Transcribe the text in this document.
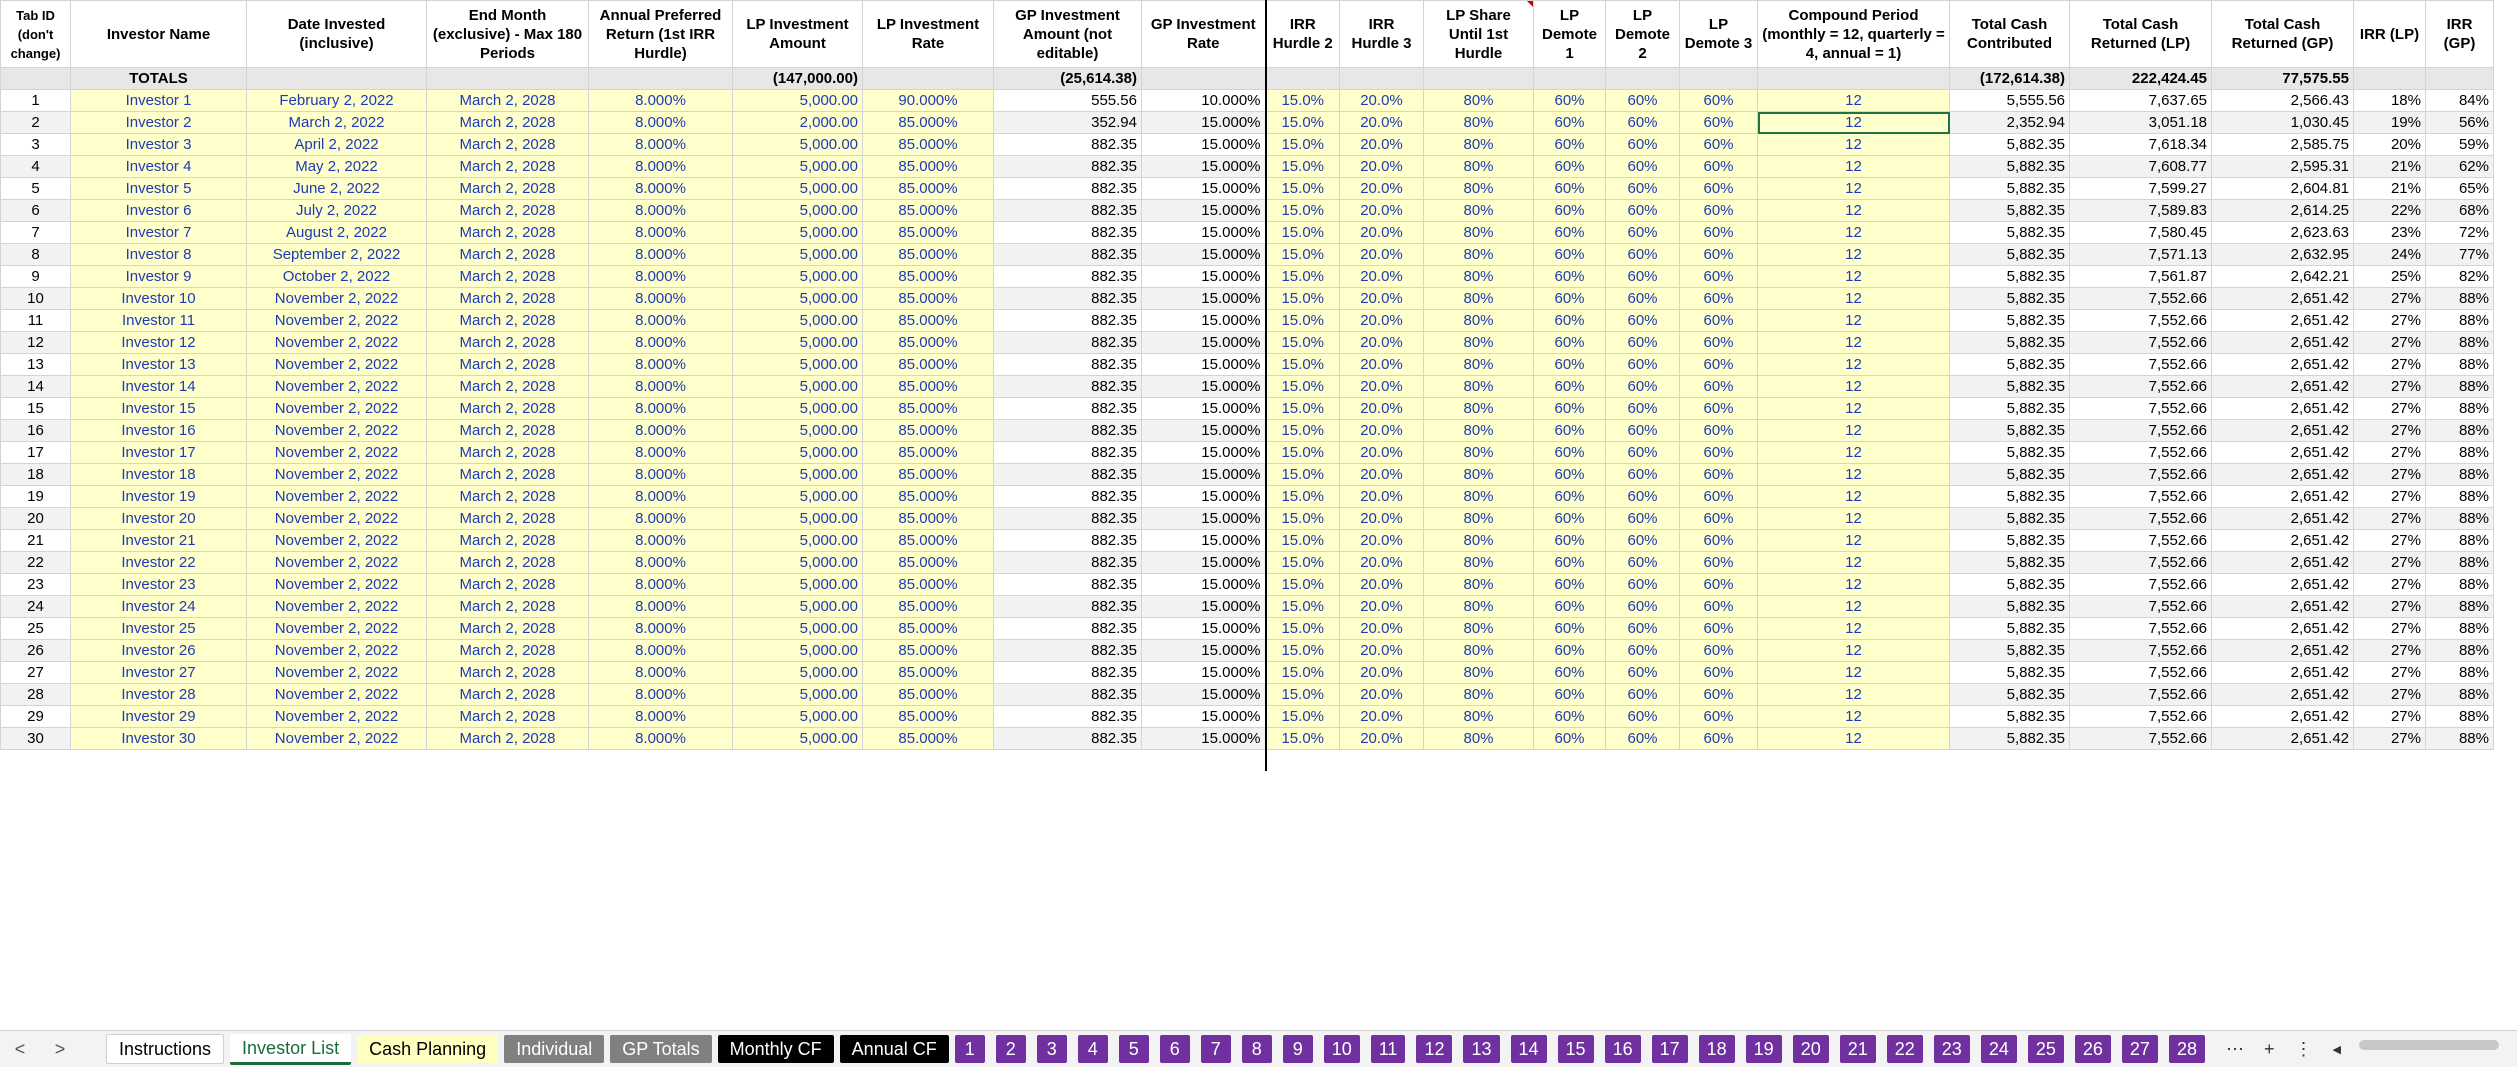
Tab ID (don't change)	Investor Name	Date Invested (inclusive)	End Month (exclusive) - Max 180 Periods	Annual Preferred Return (1st IRR Hurdle)	LP Investment Amount	LP Investment Rate	GP Investment Amount (not editable)	GP Investment Rate	IRR Hurdle 2	IRR Hurdle 3	LP Share Until 1st Hurdle	LP Demote 1	LP Demote 2	LP Demote 3	Compound Period (monthly = 12, quarterly = 4, annual = 1)	Total Cash Contributed	Total Cash Returned (LP)	Total Cash Returned (GP)	IRR (LP)	IRR (GP)
	TOTALS				(147,000.00)		(25,614.38)									(172,614.38)	222,424.45	77,575.55		
1	Investor 1	February 2, 2022	March 2, 2028	8.000%	5,000.00	90.000%	555.56	10.000%	15.0%	20.0%	80%	60%	60%	60%	12	5,555.56	7,637.65	2,566.43	18%	84%
2	Investor 2	March 2, 2022	March 2, 2028	8.000%	2,000.00	85.000%	352.94	15.000%	15.0%	20.0%	80%	60%	60%	60%	12	2,352.94	3,051.18	1,030.45	19%	56%
3	Investor 3	April 2, 2022	March 2, 2028	8.000%	5,000.00	85.000%	882.35	15.000%	15.0%	20.0%	80%	60%	60%	60%	12	5,882.35	7,618.34	2,585.75	20%	59%
4	Investor 4	May 2, 2022	March 2, 2028	8.000%	5,000.00	85.000%	882.35	15.000%	15.0%	20.0%	80%	60%	60%	60%	12	5,882.35	7,608.77	2,595.31	21%	62%
5	Investor 5	June 2, 2022	March 2, 2028	8.000%	5,000.00	85.000%	882.35	15.000%	15.0%	20.0%	80%	60%	60%	60%	12	5,882.35	7,599.27	2,604.81	21%	65%
6	Investor 6	July 2, 2022	March 2, 2028	8.000%	5,000.00	85.000%	882.35	15.000%	15.0%	20.0%	80%	60%	60%	60%	12	5,882.35	7,589.83	2,614.25	22%	68%
7	Investor 7	August 2, 2022	March 2, 2028	8.000%	5,000.00	85.000%	882.35	15.000%	15.0%	20.0%	80%	60%	60%	60%	12	5,882.35	7,580.45	2,623.63	23%	72%
8	Investor 8	September 2, 2022	March 2, 2028	8.000%	5,000.00	85.000%	882.35	15.000%	15.0%	20.0%	80%	60%	60%	60%	12	5,882.35	7,571.13	2,632.95	24%	77%
9	Investor 9	October 2, 2022	March 2, 2028	8.000%	5,000.00	85.000%	882.35	15.000%	15.0%	20.0%	80%	60%	60%	60%	12	5,882.35	7,561.87	2,642.21	25%	82%
10	Investor 10	November 2, 2022	March 2, 2028	8.000%	5,000.00	85.000%	882.35	15.000%	15.0%	20.0%	80%	60%	60%	60%	12	5,882.35	7,552.66	2,651.42	27%	88%
11	Investor 11	November 2, 2022	March 2, 2028	8.000%	5,000.00	85.000%	882.35	15.000%	15.0%	20.0%	80%	60%	60%	60%	12	5,882.35	7,552.66	2,651.42	27%	88%
12	Investor 12	November 2, 2022	March 2, 2028	8.000%	5,000.00	85.000%	882.35	15.000%	15.0%	20.0%	80%	60%	60%	60%	12	5,882.35	7,552.66	2,651.42	27%	88%
13	Investor 13	November 2, 2022	March 2, 2028	8.000%	5,000.00	85.000%	882.35	15.000%	15.0%	20.0%	80%	60%	60%	60%	12	5,882.35	7,552.66	2,651.42	27%	88%
14	Investor 14	November 2, 2022	March 2, 2028	8.000%	5,000.00	85.000%	882.35	15.000%	15.0%	20.0%	80%	60%	60%	60%	12	5,882.35	7,552.66	2,651.42	27%	88%
15	Investor 15	November 2, 2022	March 2, 2028	8.000%	5,000.00	85.000%	882.35	15.000%	15.0%	20.0%	80%	60%	60%	60%	12	5,882.35	7,552.66	2,651.42	27%	88%
16	Investor 16	November 2, 2022	March 2, 2028	8.000%	5,000.00	85.000%	882.35	15.000%	15.0%	20.0%	80%	60%	60%	60%	12	5,882.35	7,552.66	2,651.42	27%	88%
17	Investor 17	November 2, 2022	March 2, 2028	8.000%	5,000.00	85.000%	882.35	15.000%	15.0%	20.0%	80%	60%	60%	60%	12	5,882.35	7,552.66	2,651.42	27%	88%
18	Investor 18	November 2, 2022	March 2, 2028	8.000%	5,000.00	85.000%	882.35	15.000%	15.0%	20.0%	80%	60%	60%	60%	12	5,882.35	7,552.66	2,651.42	27%	88%
19	Investor 19	November 2, 2022	March 2, 2028	8.000%	5,000.00	85.000%	882.35	15.000%	15.0%	20.0%	80%	60%	60%	60%	12	5,882.35	7,552.66	2,651.42	27%	88%
20	Investor 20	November 2, 2022	March 2, 2028	8.000%	5,000.00	85.000%	882.35	15.000%	15.0%	20.0%	80%	60%	60%	60%	12	5,882.35	7,552.66	2,651.42	27%	88%
21	Investor 21	November 2, 2022	March 2, 2028	8.000%	5,000.00	85.000%	882.35	15.000%	15.0%	20.0%	80%	60%	60%	60%	12	5,882.35	7,552.66	2,651.42	27%	88%
22	Investor 22	November 2, 2022	March 2, 2028	8.000%	5,000.00	85.000%	882.35	15.000%	15.0%	20.0%	80%	60%	60%	60%	12	5,882.35	7,552.66	2,651.42	27%	88%
23	Investor 23	November 2, 2022	March 2, 2028	8.000%	5,000.00	85.000%	882.35	15.000%	15.0%	20.0%	80%	60%	60%	60%	12	5,882.35	7,552.66	2,651.42	27%	88%
24	Investor 24	November 2, 2022	March 2, 2028	8.000%	5,000.00	85.000%	882.35	15.000%	15.0%	20.0%	80%	60%	60%	60%	12	5,882.35	7,552.66	2,651.42	27%	88%
25	Investor 25	November 2, 2022	March 2, 2028	8.000%	5,000.00	85.000%	882.35	15.000%	15.0%	20.0%	80%	60%	60%	60%	12	5,882.35	7,552.66	2,651.42	27%	88%
26	Investor 26	November 2, 2022	March 2, 2028	8.000%	5,000.00	85.000%	882.35	15.000%	15.0%	20.0%	80%	60%	60%	60%	12	5,882.35	7,552.66	2,651.42	27%	88%
27	Investor 27	November 2, 2022	March 2, 2028	8.000%	5,000.00	85.000%	882.35	15.000%	15.0%	20.0%	80%	60%	60%	60%	12	5,882.35	7,552.66	2,651.42	27%	88%
28	Investor 28	November 2, 2022	March 2, 2028	8.000%	5,000.00	85.000%	882.35	15.000%	15.0%	20.0%	80%	60%	60%	60%	12	5,882.35	7,552.66	2,651.42	27%	88%
29	Investor 29	November 2, 2022	March 2, 2028	8.000%	5,000.00	85.000%	882.35	15.000%	15.0%	20.0%	80%	60%	60%	60%	12	5,882.35	7,552.66	2,651.42	27%	88%
30	Investor 30	November 2, 2022	March 2, 2028	8.000%	5,000.00	85.000%	882.35	15.000%	15.0%	20.0%	80%	60%	60%	60%	12	5,882.35	7,552.66	2,651.42	27%	88%

<	>	Instructions	Investor List	Cash Planning	Individual	GP Totals	Monthly CF	Annual CF	1	2	3	4	5	6	7	8	9	10	11	12	13	14	15	16	17	18	19	20	21	22	23	24	25	26	27	28	⋯ + ⋮ ◀
